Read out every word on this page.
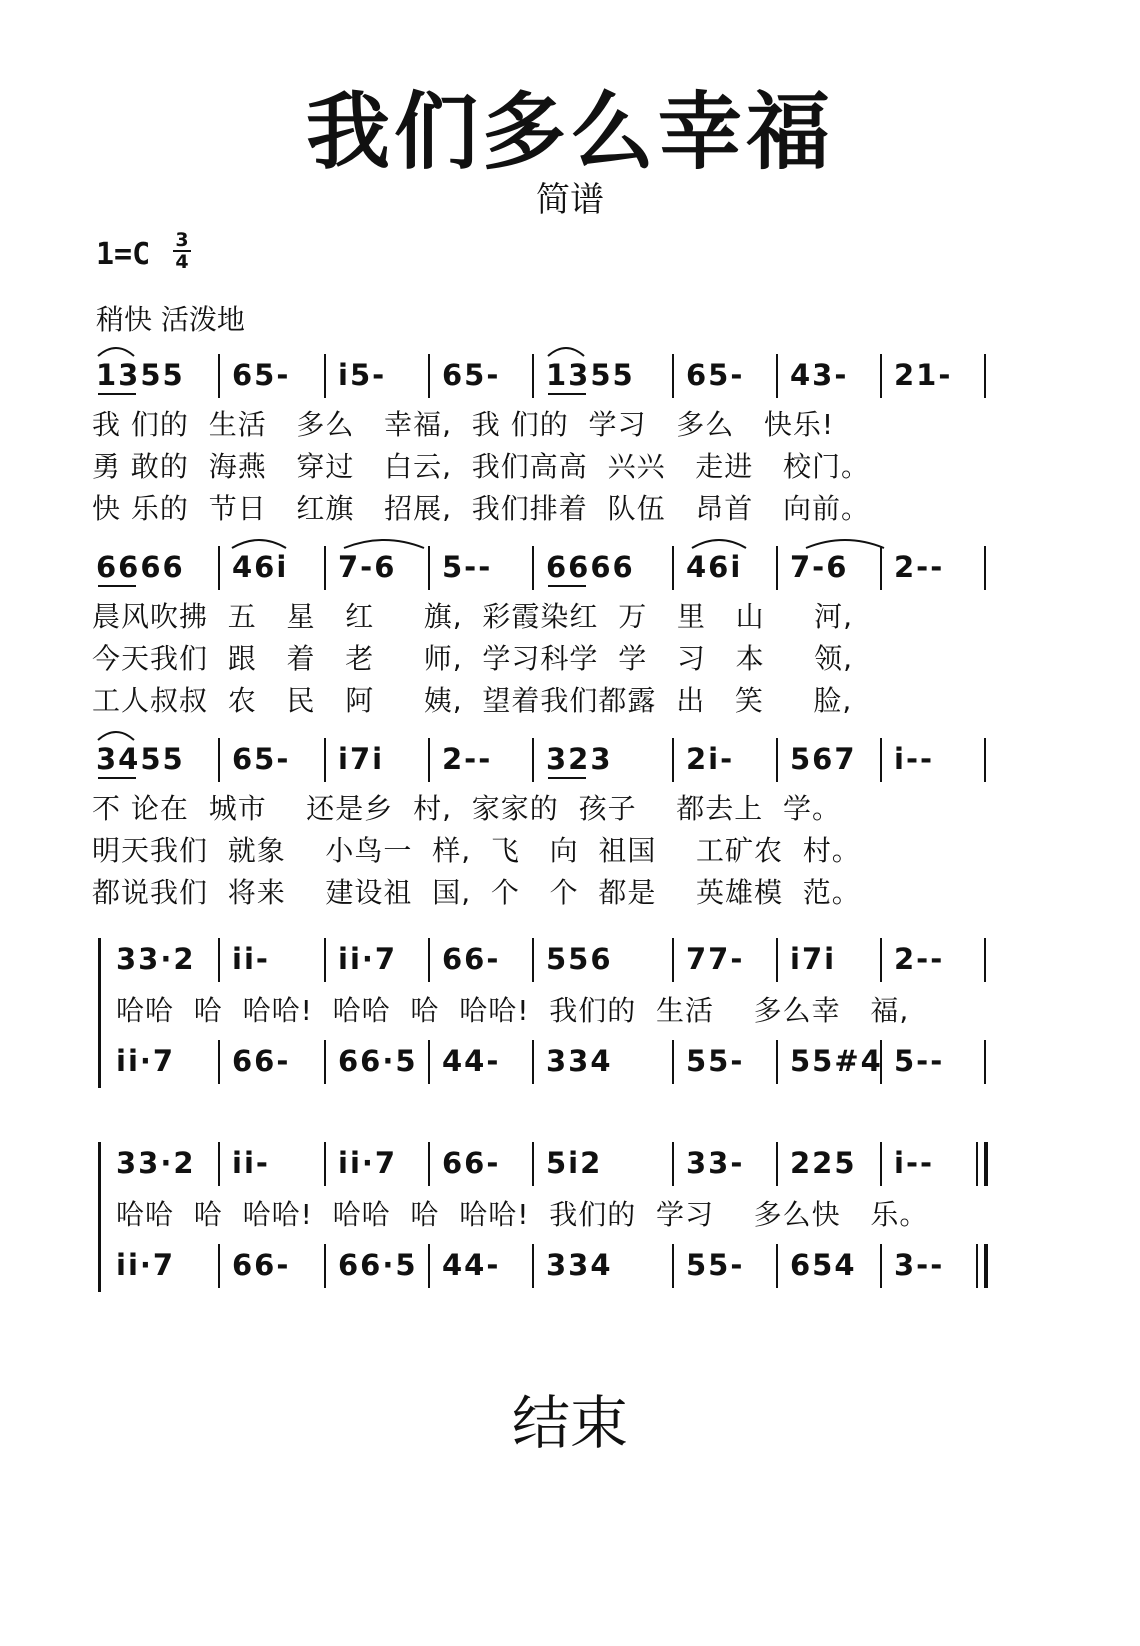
我们多么幸福
简谱
1=C 3
4
稍快 活泼地
1355 65- i5- 65- 1355 65- 43- 21-
我 们的  生活   多么   幸福,  我 们的  学习   多么   快乐!
勇 敢的  海燕   穿过   白云,  我们高高  兴兴   走进   校门。
快 乐的  节日   红旗   招展,  我们排着  队伍   昂首   向前。
6666 46i 7-6 5-- 6666 46i 7-6 2--
晨风吹拂  五   星   红     旗,  彩霞染红  万   里   山     河,
今天我们  跟   着   老     师,  学习科学  学   习   本     领,
工人叔叔  农   民   阿     姨,  望着我们都露  出   笑     脸,
3455 65- i7i 2-- 323	2i- 567 i--
不 论在  城市    还是乡  村,  家家的  孩子    都去上  学。
明天我们  就象    小鸟一  样,  飞   向  祖国    工矿农  村。
都说我们  将来    建设祖  国,  个   个  都是    英雄模  范。
33·2 ii- ii·7 66- 556	77- i7i 2--
哈哈  哈  哈哈!  哈哈  哈  哈哈!  我们的  生活    多么幸   福,
ii·7 66- 66·5 44- 334	55- 55#4 5--
33·2 ii- ii·7 66- 5i2	33- 225 i--
哈哈  哈  哈哈!  哈哈  哈  哈哈!  我们的  学习    多么快   乐。
ii·7 66- 66·5 44- 334	55- 654 3--
结束
